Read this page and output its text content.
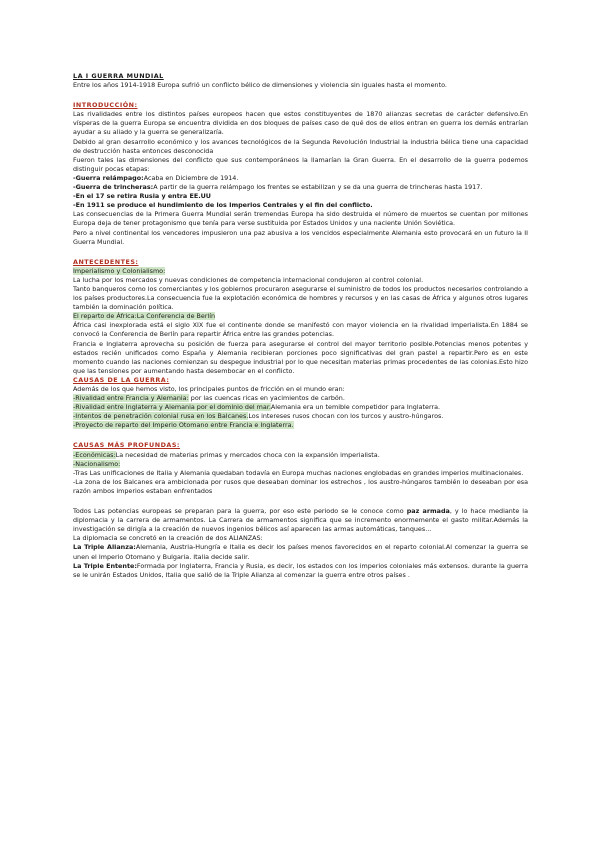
LA I GUERRA MUNDIAL

Entre los años 1914-1918 Europa sufrió un conflicto bélico de dimensiones y violencia sin iguales hasta el momento.

INTRODUCCIÓN:

Las rivalidades entre los distintos países europeos hacen que estos constituyentes de 1870 alianzas secretas de carácter defensivo.En vísperas de la guerra Europa se encuentra dividida en dos bloques de países caso de qué dos de ellos entran en guerra los demás entrarían ayudar a su aliado y la guerra se generalizaría.

Debido al gran desarrollo económico y los avances tecnológicos de la Segunda Revolución Industrial la industria bélica tiene una capacidad de destrucción hasta entonces desconocida

Fueron tales las dimensiones del conflicto que sus contemporáneos la llamarían la Gran Guerra. En el desarrollo de la guerra podemos distinguir pocas etapas:

-Guerra relámpago:Acaba en Diciembre de 1914.

-Guerra de trincheras:A partir de la guerra relámpago los frentes se estabilizan y se da una guerra de trincheras hasta 1917.

-En el 17 se retira Rusia y entra EE.UU

-En 1911 se produce el hundimiento de los Imperios Centrales y el fin del conflicto.

Las consecuencias de la Primera Guerra Mundial serán tremendas Europa ha sido destruida el número de muertos se cuentan por millones Europa deja de tener protagonismo que tenía para verse sustituida por Estados Unidos y una naciente Unión Soviética.

Pero a nivel continental los vencedores impusieron una paz abusiva a los vencidos especialmente Alemania esto provocará en un futuro la II Guerra Mundial.

ANTECEDENTES:

Imperialismo y Colonialismo:

La lucha por los mercados y nuevas condiciones de competencia internacional condujeron al control colonial.

Tanto banqueros como los comerciantes y los gobiernos procuraron asegurarse el suministro de todos los productos necesarios controlando a los países productores.La consecuencia fue la explotación económica de hombres y recursos y en las casas de África y algunos otros lugares también la dominación política.

El reparto de África:La Conferencia de Berlín

África casi inexplorada está el siglo XIX fue el continente donde se manifestó con mayor violencia en la rivalidad imperialista.En 1884 se convocó la Conferencia de Berlín para repartir África entre las grandes potencias.

Francia e Inglaterra aprovecha su posición de fuerza para asegurarse el control del mayor territorio posible.Potencias menos potentes y estados recién unificados como España y Alemania recibieran porciones poco significativas del gran pastel a repartir.Pero es en este momento cuando las naciones comienzan su despegue industrial por lo que necesitan materias primas procedentes de las colonias.Esto hizo que las tensiones por aumentando hasta desembocar en el conflicto.

CAUSAS DE LA GUERRA:

Además de los que hemos visto, los principales puntos de fricción en el mundo eran:

-Rivalidad entre Francia y Alemania: por las cuencas ricas en yacimientos de carbón.

-Rivalidad entre Inglaterra y Alemania por el dominio del mar.Alemania era un temible competidor para Inglaterra.

-Intentos de penetración colonial rusa en los Balcanes.Los intereses rusos chocan con los turcos y austro-húngaros.

-Proyecto de reparto del Imperio Otomano entre Francia e Inglaterra.

CAUSAS MÁS PROFUNDAS:

-Económicas:La necesidad de materias primas y mercados choca con la expansión imperialista.

-Nacionalismo:

-Tras Las unificaciones de Italia y Alemania quedaban todavía en Europa muchas naciones englobadas en grandes imperios multinacionales.

-La zona de los Balcanes era ambicionada por rusos que deseaban dominar los estrechos , los austro-húngaros también lo deseaban por esa razón ambos imperios estaban enfrentados

Todos Las potencias europeas se preparan para la guerra, por eso este periodo se le conoce como paz armada, y lo hace mediante la diplomacia y la carrera de armamentos. La Carrera de armamentos significa que se incremento enormemente el gasto militar.Además la investigación se dirigía a la creación de nuevos ingenios bélicos así aparecen las armas automáticas, tanques...

La diplomacia se concretó en la creación de dos ALIANZAS:

La Triple Alianza:Alemania, Austria-Hungría e Italia es decir los países menos favorecidos en el reparto colonial.Al comenzar la guerra se unen el Imperio Otomano y Bulgaria. Italia decide salir.

La Triple Entente:Formada por Inglaterra, Francia y Rusia, es decir, los estados con los imperios coloniales más extensos. durante la guerra se le unirán Estados Unidos, Italia que salió de la Triple Alianza al comenzar la guerra entre otros países .
